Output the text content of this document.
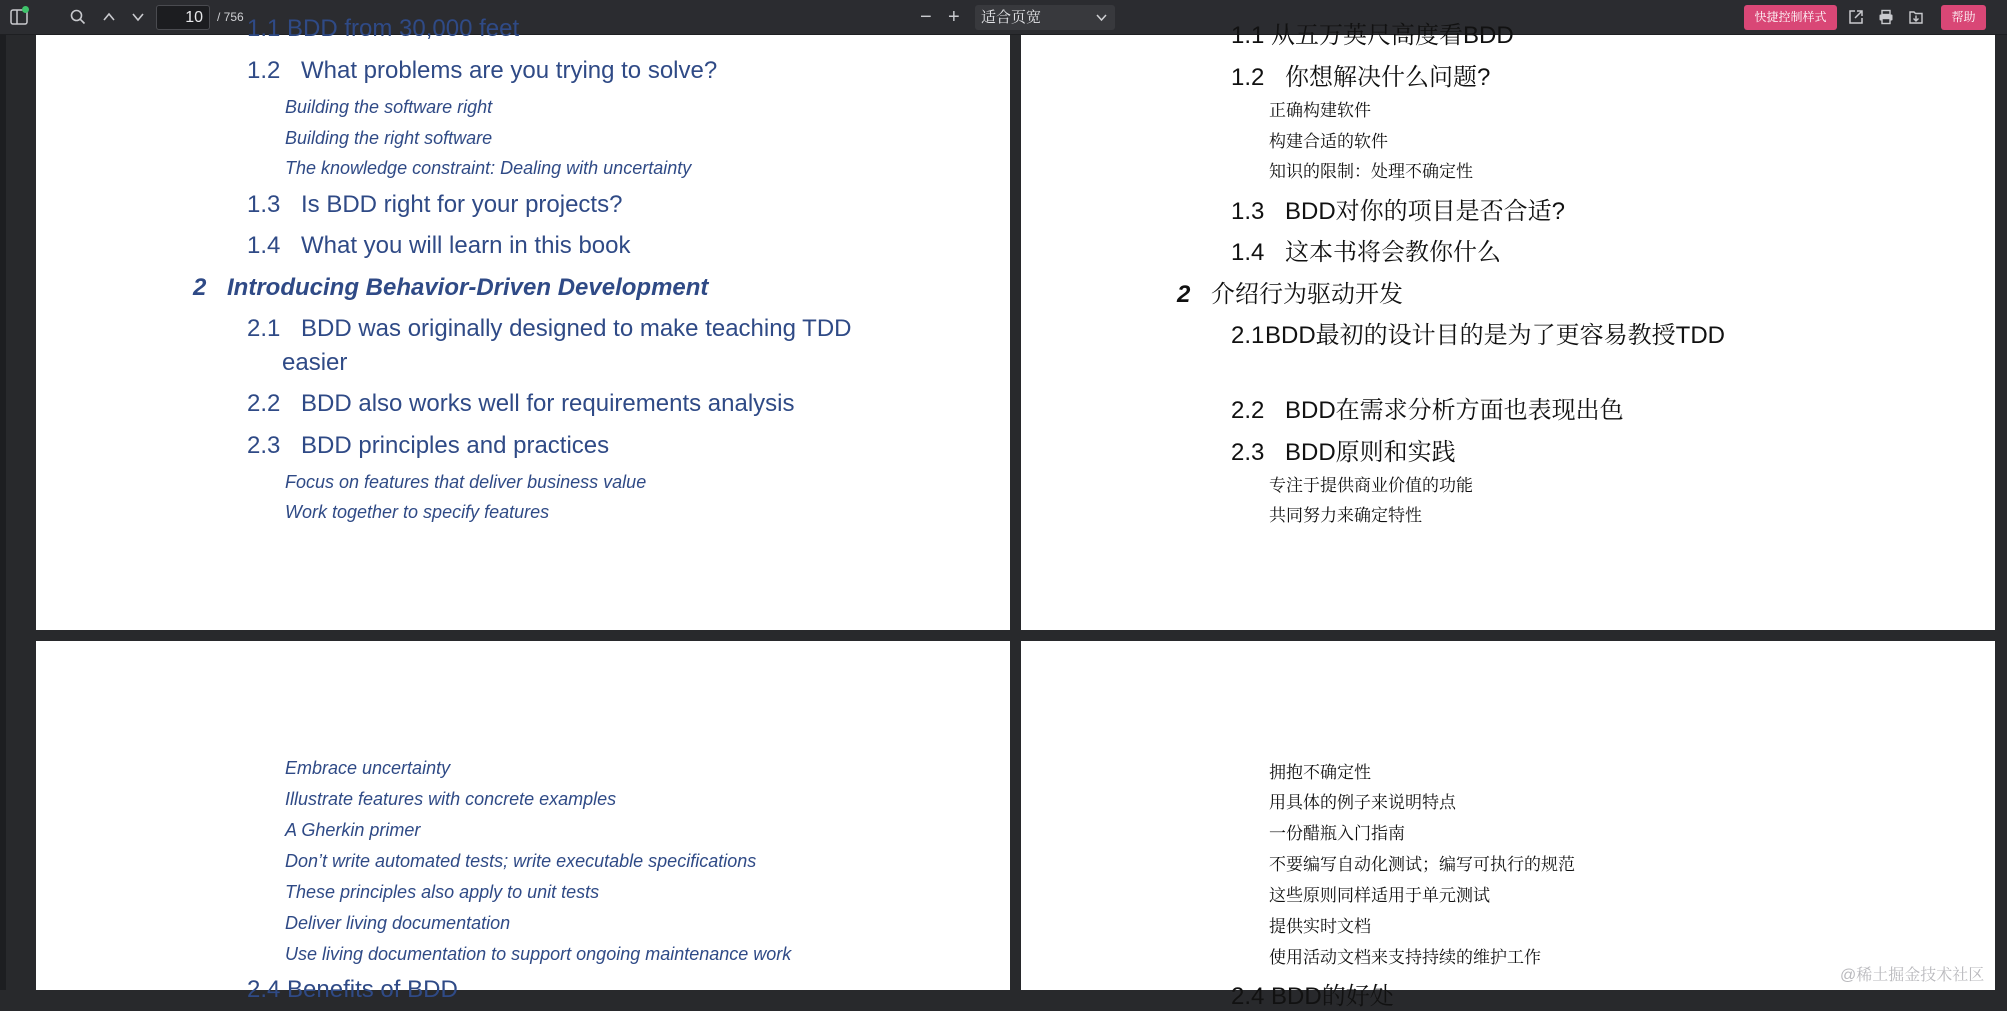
10
/ 756	− +	适合页宽	快捷控制样式	帮助
1.1 BDD from 30,000 feet
1.2 What problems are you trying to solve?
Building the software right
Building the right software
The knowledge constraint: Dealing with uncertainty
1.3 Is BDD right for your projects?
1.4 What you will learn in this book
2 Introducing Behavior-Driven Development
2.1 BDD was originally designed to make teaching TDD
easier
2.2 BDD also works well for requirements analysis
2.3 BDD principles and practices
Focus on features that deliver business value
Work together to specify features
1.1 从五万英尺高度看BDD
1.2 你想解决什么问题?
正确构建软件
构建合适的软件
知识的限制：处理不确定性
1.3 BDD对你的项目是否合适?
1.4 这本书将会教你什么
2 介绍行为驱动开发
2.1BDD最初的设计目的是为了更容易教授TDD
2.2 BDD在需求分析方面也表现出色
2.3 BDD原则和实践
专注于提供商业价值的功能
共同努力来确定特性
Embrace uncertainty
Illustrate features with concrete examples
A Gherkin primer
Don’t write automated tests; write executable specifications
These principles also apply to unit tests
Deliver living documentation
Use living documentation to support ongoing maintenance work
2.4 Benefits of BDD
拥抱不确定性
用具体的例子来说明特点
一份醋瓶入门指南
不要编写自动化测试；编写可执行的规范
这些原则同样适用于单元测试
提供实时文档
使用活动文档来支持持续的维护工作
2.4 BDD的好处
@稀土掘金技术社区
